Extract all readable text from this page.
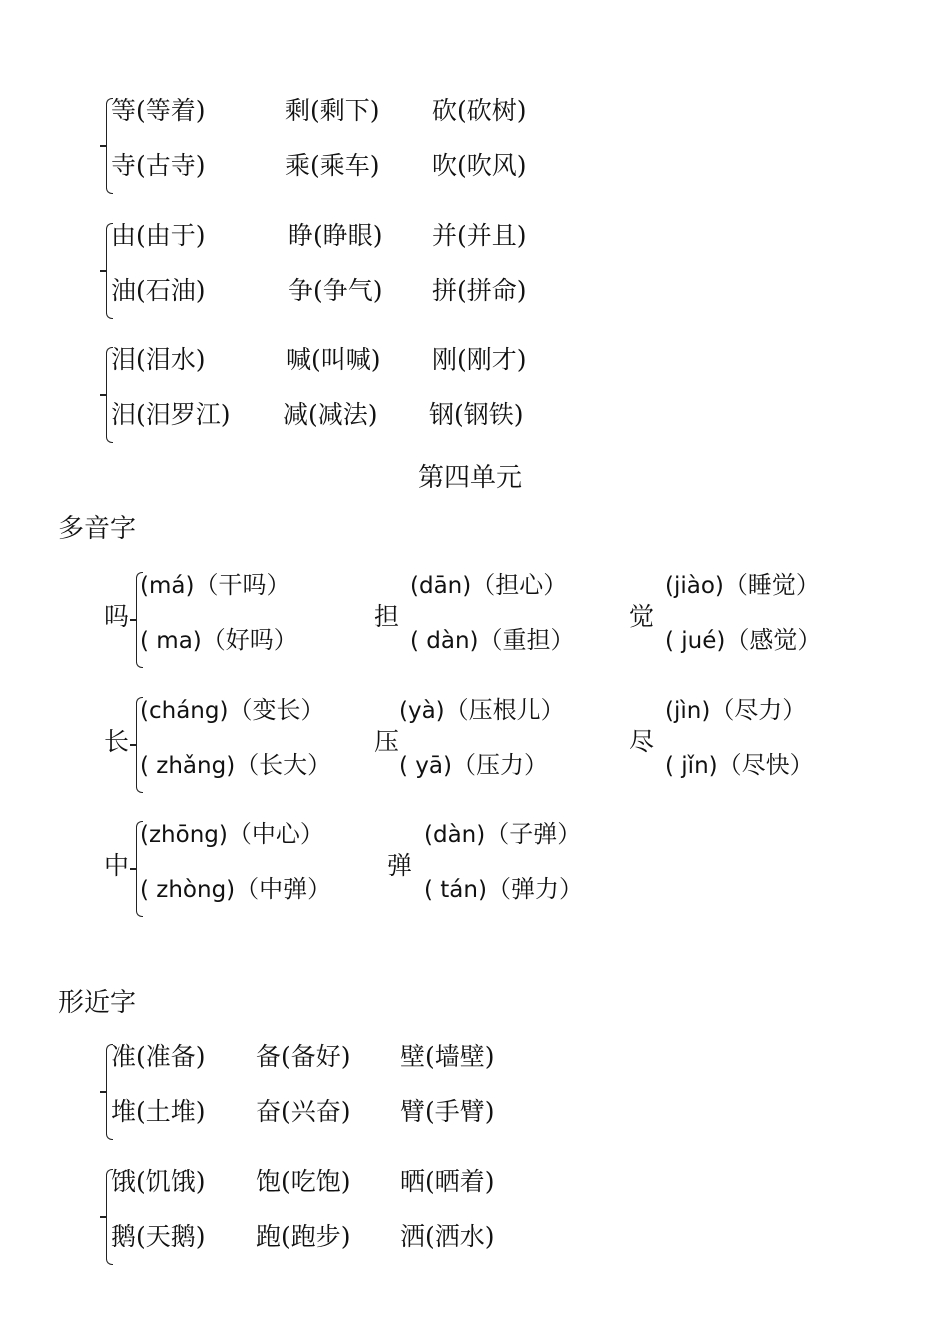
等(等着)	剩(剩下) 砍(砍树)
寺(古寺)	乘(乘车) 吹(吹风)
由(由于)	睁(睁眼) 并(并且)
油(石油)	争(争气) 拼(拼命)
泪(泪水)	喊(叫喊) 刚(刚才)
汨(汨罗江) 减(减法) 钢(钢铁)
第四单元
多音字
吗
(má)（干吗）
( ma)（好吗）
担
(dān)（担心）
( dàn)（重担）
觉
(jiào)（睡觉）
( jué)（感觉）
长
(cháng)（变长）
( zhǎng)（长大）
压
(yà)（压根儿）
( yā)（压力）
尽
(jìn)（尽力）
( jǐn)（尽快）
中
(zhōng)（中心）
( zhòng)（中弹）
弹
(dàn)（子弹）
( tán)（弹力）
形近字
准(准备) 备(备好) 壁(墙壁)
堆(土堆) 奋(兴奋) 臂(手臂)
饿(饥饿) 饱(吃饱) 晒(晒着)
鹅(天鹅) 跑(跑步) 洒(洒水)
